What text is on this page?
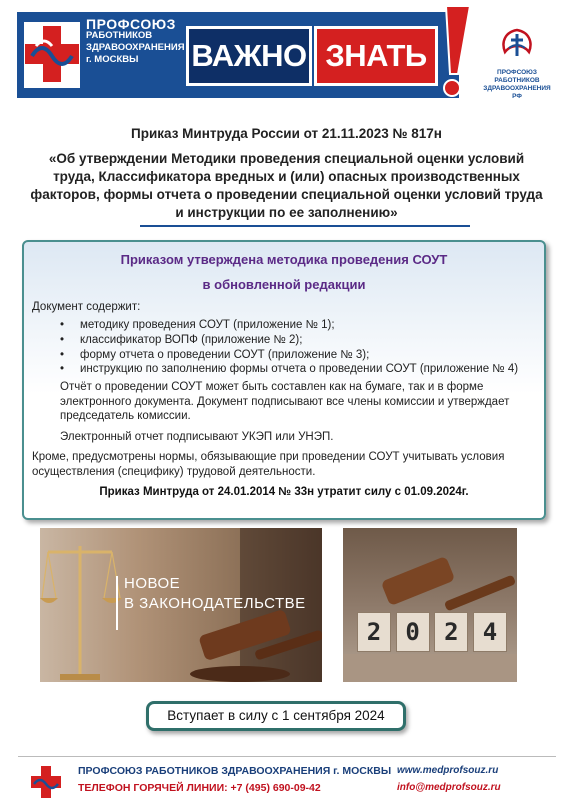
ПРОФСОЮЗ
РАБОТНИКОВ
ЗДРАВООХРАНЕНИЯ
г. МОСКВЫ	ВАЖНО ЗНАТЬ	ПРОФСОЮЗ РАБОТНИКОВ
ЗДРАВООХРАНЕНИЯ РФ
Приказ Минтруда России от 21.11.2023 № 817н
«Об утверждении Методики проведения специальной оценки условий труда, Классификатора вредных и (или) опасных производственных факторов, формы отчета о проведении специальной оценки условий труда и инструкции по ее заполнению»
Приказом утверждена методика проведения СОУТ
в обновленной редакции
Документ содержит:
• методику проведения СОУТ (приложение № 1);
• классификатор ВОПФ (приложение № 2);
• форму отчета о проведении СОУТ (приложение № 3);
• инструкцию по заполнению формы отчета о проведении СОУТ (приложение № 4)
Отчёт о проведении СОУТ может быть составлен как на бумаге, так и в форме электронного документа. Документ подписывают все члены комиссии и утверждает председатель комиссии.
Электронный отчет подписывают УКЭП или УНЭП.
Кроме, предусмотрены нормы, обязывающие при проведении СОУТ учитывать условия осуществления (специфику) трудовой деятельности.
Приказ Минтруда от 24.01.2014 № 33н утратит силу с 01.09.2024г.
НОВОЕ
В ЗАКОНОДАТЕЛЬСТВЕ
2	0	2	4
Вступает в силу с 1 сентября 2024
ПРОФСОЮЗ РАБОТНИКОВ ЗДРАВООХРАНЕНИЯ г. МОСКВЫ
ТЕЛЕФОН ГОРЯЧЕЙ ЛИНИИ: +7 (495) 690-09-42
www.medprofsouz.ru
info@medprofsouz.ru
